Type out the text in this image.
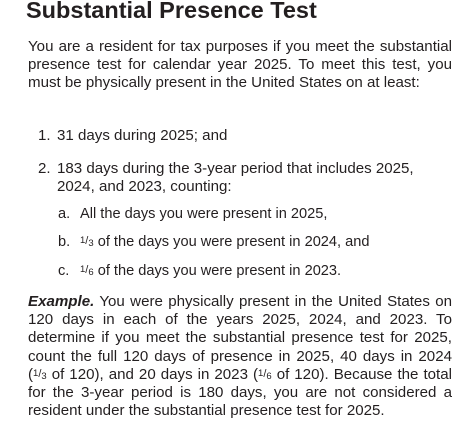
Substantial Presence Test

You are a resident for tax purposes if you meet the substantial presence test for calendar year 2025. To meet this test, you must be physically present in the United States on at least:

1. 31 days during 2025; and
2. 183 days during the 3-year period that includes 2025, 2024, and 2023, counting:
a. All the days you were present in 2025,
b. $^{1/3}$ of the days you were present in 2024, and
c. $^{1/6}$ of the days you were present in 2023.

Example. You were physically present in the United States on 120 days in each of the years 2025, 2024, and 2023. To determine if you meet the substantial presence test for 2025, count the full 120 days of presence in 2025, 40 days in 2024 (1/3 of 120), and 20 days in 2023 (1/6 of 120). Because the total for the 3-year period is 180 days, you are not considered a resident under the substantial presence test for 2025.
